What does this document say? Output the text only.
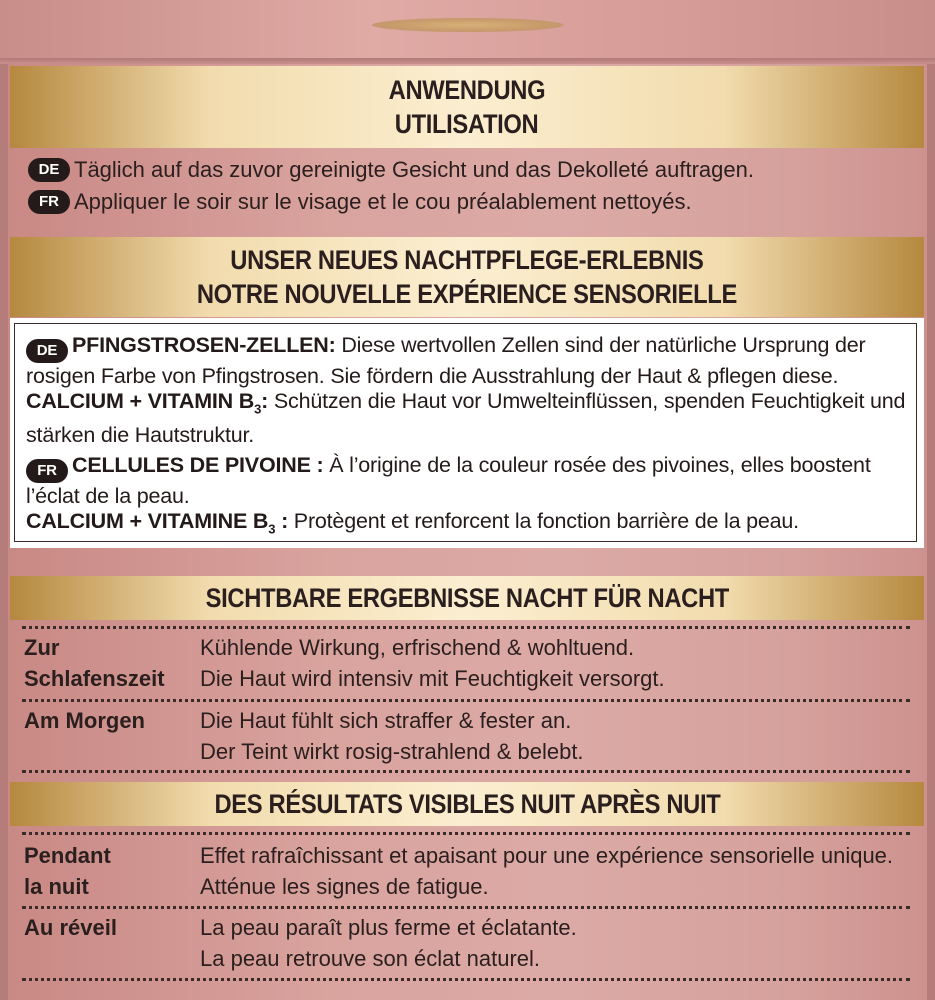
ANWENDUNG
UTILISATION
DE Täglich auf das zuvor gereinigte Gesicht und das Dekolleté auftragen.
FR Appliquer le soir sur le visage et le cou préalablement nettoyés.
UNSER NEUES NACHTPFLEGE-ERLEBNIS
NOTRE NOUVELLE EXPÉRIENCE SENSORIELLE
DE PFINGSTROSEN-ZELLEN: Diese wertvollen Zellen sind der natürliche Ursprung der rosigen Farbe von Pfingstrosen. Sie fördern die Ausstrahlung der Haut & pflegen diese.
CALCIUM + VITAMIN $B_3$: Schützen die Haut vor Umwelteinflüssen, spenden Feuchtigkeit und stärken die Hautstruktur.
FR CELLULES DE PIVOINE : À l’origine de la couleur rosée des pivoines, elles boostent l’éclat de la peau.
CALCIUM + VITAMINE $B_3$ : Protègent et renforcent la fonction barrière de la peau.
SICHTBARE ERGEBNISSE NACHT FÜR NACHT
Zur
Schlafenszeit
Kühlende Wirkung, erfrischend & wohltuend.
Die Haut wird intensiv mit Feuchtigkeit versorgt.
Am Morgen	Die Haut fühlt sich straffer & fester an.
Der Teint wirkt rosig-strahlend & belebt.
DES RÉSULTATS VISIBLES NUIT APRÈS NUIT
Pendant
la nuit
Effet rafraîchissant et apaisant pour une expérience sensorielle unique.
Atténue les signes de fatigue.
Au réveil	La peau paraît plus ferme et éclatante.
La peau retrouve son éclat naturel.
